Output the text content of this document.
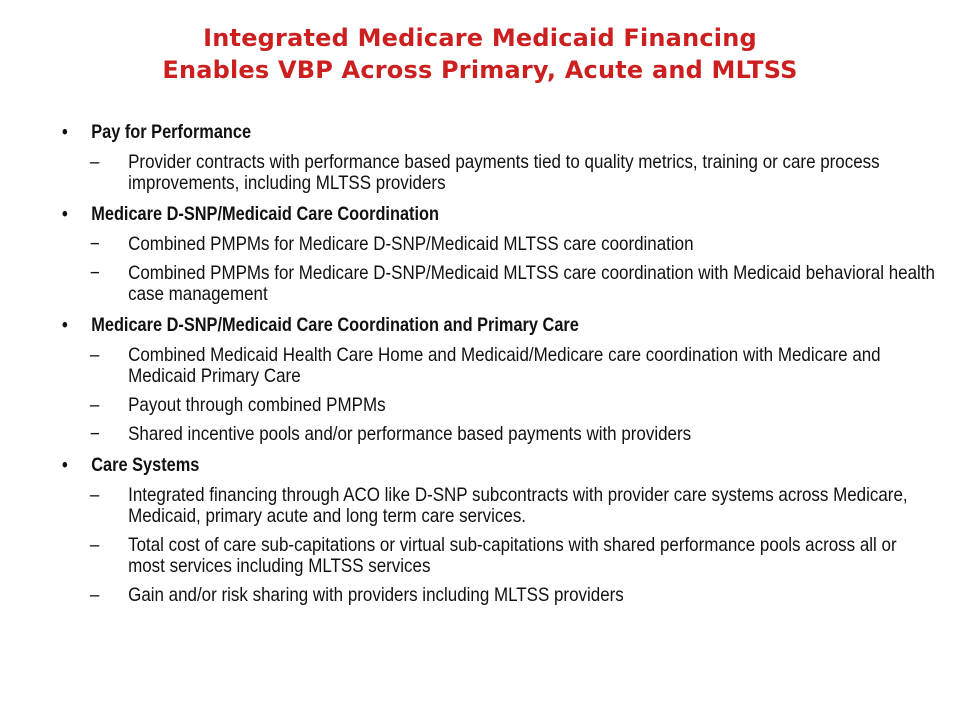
Integrated Medicare Medicaid Financing
Enables VBP Across Primary, Acute and MLTSS
• Pay for Performance
– Provider contracts with performance based payments tied to quality metrics, training or care process improvements, including MLTSS providers
• Medicare D-SNP/Medicaid Care Coordination
− Combined PMPMs for Medicare D-SNP/Medicaid MLTSS care coordination
− Combined PMPMs for Medicare D-SNP/Medicaid MLTSS care coordination with Medicaid behavioral health case management
• Medicare D-SNP/Medicaid Care Coordination and Primary Care
– Combined Medicaid Health Care Home and Medicaid/Medicare care coordination with Medicare and Medicaid Primary Care
– Payout through combined PMPMs
− Shared incentive pools and/or performance based payments with providers
• Care Systems
– Integrated financing through ACO like D-SNP subcontracts with provider care systems across Medicare, Medicaid, primary acute and long term care services.
– Total cost of care sub-capitations or virtual sub-capitations with shared performance pools across all or most services including MLTSS services
– Gain and/or risk sharing with providers including MLTSS providers
